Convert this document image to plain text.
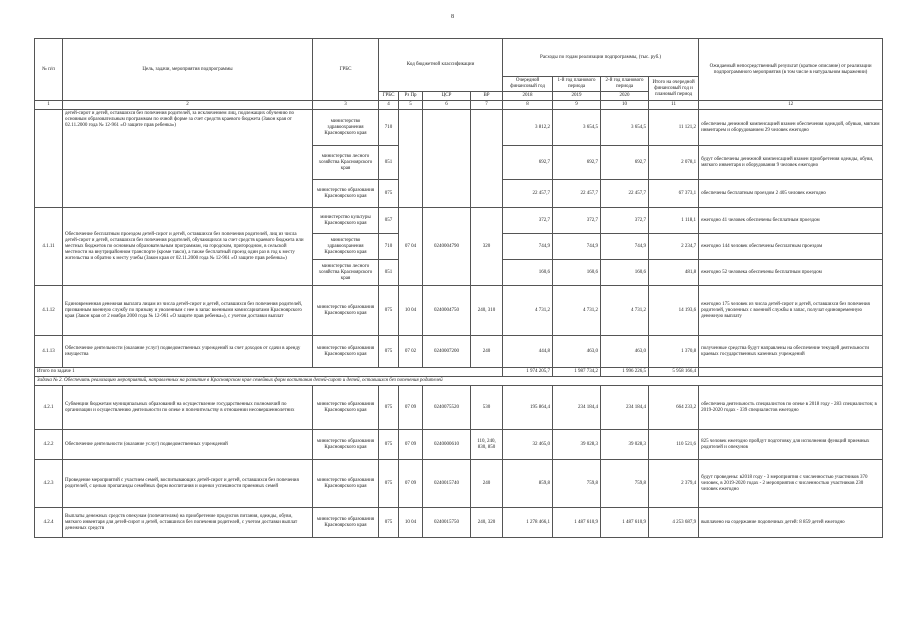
8
№ п/п	Цель, задачи, мероприятия подпрограммы	ГРБС	Код бюджетной классификации				Расходы по годам реализации подпрограммы, (тыс. руб.)				Ожидаемый непосредственный результат (краткое описание) от реализации подпрограммного мероприятия (в том числе в натуральном выражении)
							Очередной финансовый год	1-й год планового периода	2-й год планового периода	Итого на очередной финансовый год и плановый период	
			ГРБС	Рз Пр	ЦСР	ВР	2018	2019	2020		
1	2	3	4	5	6	7	8	9	10	11	12
	детей-сирот и детей, оставшихся без попечения родителей, за исключением лиц, подлежащих обучению по основным образовательным программам по очной форме за счет средств краевого бюджета (Закон края от 02.11.2000 года № 12-961 «О защите прав ребенка»)	министерство здравоохранения Красноярского края	710				3 812,2	3 654,5	3 654,5	11 121,2	обеспечены денежной компенсацией взамен обеспечения одеждой, обувью, мягким инвентарем и оборудованием 29 человек ежегодно
		министерство лесного хозяйства Красноярского края	051				692,7	692,7	692,7	2 078,1	будут обеспечены денежной компенсацией взамен приобретения одежды, обуви, мягкого инвентаря и оборудования 9 человек ежегодно
		министерство образования Красноярского края	075				22 457,7	22 457,7	22 457,7	67 373,1	обеспечены бесплатным проездом 2 405 человек ежегодно
4.1.11	Обеспечение бесплатным проездом детей-сирот и детей, оставшихся без попечения родителей, лиц из числа детей-сирот и детей, оставшихся без попечения родителей, обучающихся за счет средств краевого бюджета или местных бюджетов по основным образовательным программам, на городском, пригородном, в сельской местности на внутрирайонном транспорте (кроме такси), а также бесплатный проезд один раз в год к месту жительства и обратно к месту учебы (Закон края от 02.11.2000 года № 12-961 «О защите прав ребенка»)	министерство культуры Красноярского края	057	07 04	0240004790	320	372,7	372,7	372,7	1 118,1	ежегодно 41 человек обеспечены бесплатным проездом
		министерство здравоохранения Красноярского края	710				744,9	744,9	744,9	2 234,7	ежегодно 144 человек обеспечены бесплатным проездом
		министерство лесного хозяйства Красноярского края	051				160,6	160,6	160,6	481,8	ежегодно 52 человека обеспечены бесплатным проездом
4.1.12	Единовременная денежная выплата лицам из числа детей-сирот и детей, оставшихся без попечения родителей, призванным военную службу по призыву и уволенным с нее в запас военными комиссариатами Красноярского края (Закон края от 2 ноября 2000 года № 12-961 «О защите прав ребенка»), с учетом доставки выплат	министерство образования Красноярского края	075	10 04	0240004750	240, 310	4 731,2	4 731,2	4 731,2	14 193,6	ежегодно 175 человек из числа детей-сирот и детей, оставшихся без попечения родителей, уволенных с военной службы в запас, получат единовременную денежную выплату
4.1.13	Обеспечение деятельности (оказание услуг) подведомственных учреждений за счет доходов от сдачи в аренду имущества	министерство образования Красноярского края	075	07 02	0240007200	240	444,8	463,0	463,0	1 370,8	полученные средства будут направлены на обеспечение текущей деятельности краевых государственных казенных учреждений
Итого по задаче 1							1 974 205,7	1 987 734,2	1 996 226,5	5 958 166,4	
Задача № 2. Обеспечить реализацию мероприятий, направленных на развитие в Красноярском крае семейных форм воспитания детей-сирот и детей, оставшихся без попечения родителей											
4.2.1	Субвенции бюджетам муниципальных образований на осуществление государственных полномочий по организации и осуществлению деятельности по опеке и попечительству в отношении несовершеннолетних	министерство образования Красноярского края	075	07 09	0240075520	530	195 864,4	234 184,4	234 184,4	664 233,2	обеспечена деятельность специалистов по опеке в 2018 году - 283 специалистов; в 2019-2020 годах - 339 специалистов ежегодно
4.2.2	Обеспечение деятельности (оказание услуг) подведомственных учреждений	министерство образования Красноярского края	075	07 09	0240000610	110, 240, 830, 850	32 465,0	39 028,3	39 028,3	110 521,6	825 человек ежегодно пройдут подготовку для исполнения функций приемных родителей и опекунов
4.2.3	Проведение мероприятий с участием семей, воспитывающих детей-сирот и детей, оставшихся без попечения родителей, с целью пропаганды семейных форм воспитания и оценки успешности приемных семей	министерство образования Красноярского края	075	07 09	0240015740	240	859,8	759,8	759,8	2 379,4	будут проведены: в2018 году - 3 мероприятия с численностью участников 370 человек, в 2019-2020 годах - 2 мероприятия с численностью участников 230 человек ежегодно
4.2.4	Выплаты денежных средств опекунам (попечителям) на приобретение продуктов питания, одежды, обуви, мягкого инвентаря для детей-сирот и детей, оставшихся без попечения родителей, с учетом доставки выплат денежных средств	министерство образования Красноярского края	075	10 04	0240015750	240, 320	1 278 466,1	1 487 610,9	1 487 610,9	4 253 687,9	выплачено на содержание подопечных детей: 8 859 детей ежегодно
